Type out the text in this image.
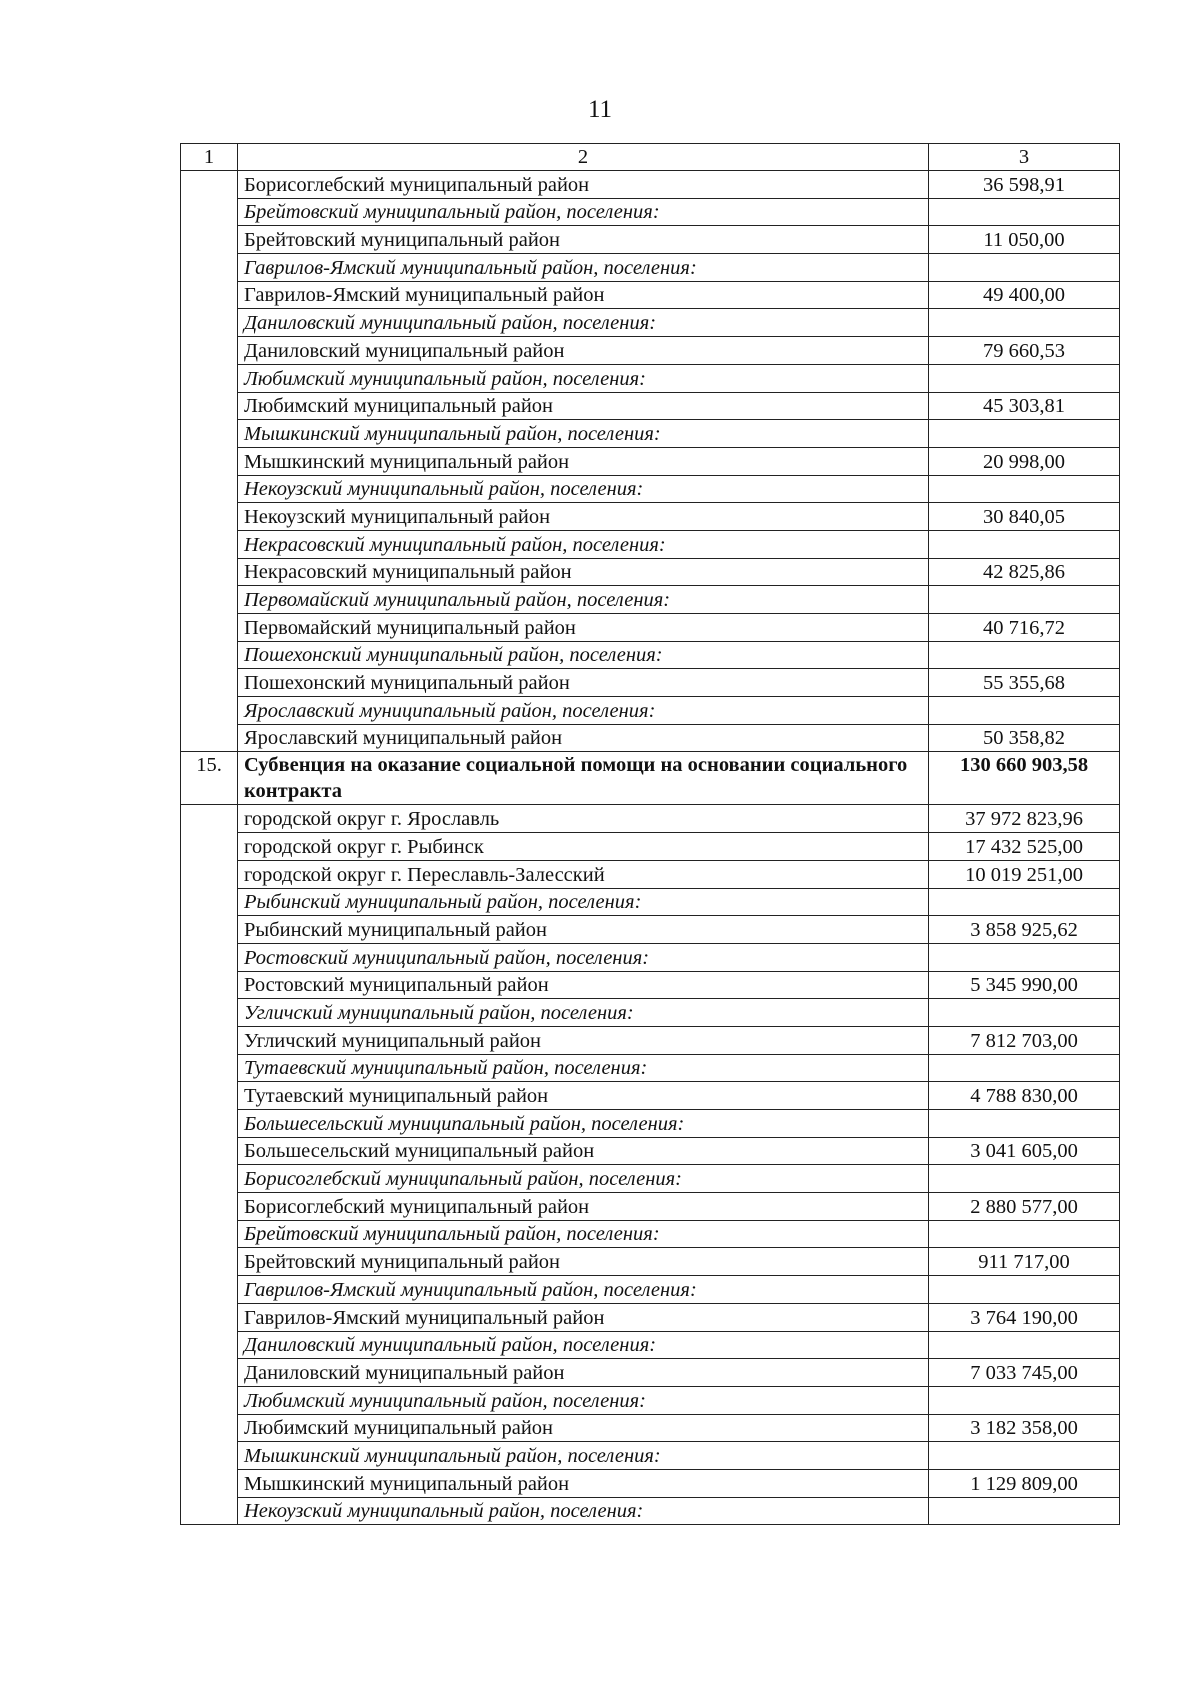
11
1	2	3
	Борисоглебский муниципальный район	36 598,91
	Брейтовский муниципальный район, поселения:	
	Брейтовский муниципальный район	11 050,00
	Гаврилов-Ямский муниципальный район, поселения:	
	Гаврилов-Ямский муниципальный район	49 400,00
	Даниловский муниципальный район, поселения:	
	Даниловский муниципальный район	79 660,53
	Любимский муниципальный район, поселения:	
	Любимский муниципальный район	45 303,81
	Мышкинский муниципальный район, поселения:	
	Мышкинский муниципальный район	20 998,00
	Некоузский муниципальный район, поселения:	
	Некоузский муниципальный район	30 840,05
	Некрасовский муниципальный район, поселения:	
	Некрасовский муниципальный район	42 825,86
	Первомайский муниципальный район, поселения:	
	Первомайский муниципальный район	40 716,72
	Пошехонский муниципальный район, поселения:	
	Пошехонский муниципальный район	55 355,68
	Ярославский муниципальный район, поселения:	
	Ярославский муниципальный район	50 358,82
15.	Субвенция на оказание социальной помощи на основании социального контракта	130 660 903,58
	городской округ г. Ярославль	37 972 823,96
	городской округ г. Рыбинск	17 432 525,00
	городской округ г. Переславль-Залесский	10 019 251,00
	Рыбинский муниципальный район, поселения:	
	Рыбинский муниципальный район	3 858 925,62
	Ростовский муниципальный район, поселения:	
	Ростовский муниципальный район	5 345 990,00
	Угличский муниципальный район, поселения:	
	Угличский муниципальный район	7 812 703,00
	Тутаевский муниципальный район, поселения:	
	Тутаевский муниципальный район	4 788 830,00
	Большесельский муниципальный район, поселения:	
	Большесельский муниципальный район	3 041 605,00
	Борисоглебский муниципальный район, поселения:	
	Борисоглебский муниципальный район	2 880 577,00
	Брейтовский муниципальный район, поселения:	
	Брейтовский муниципальный район	911 717,00
	Гаврилов-Ямский муниципальный район, поселения:	
	Гаврилов-Ямский муниципальный район	3 764 190,00
	Даниловский муниципальный район, поселения:	
	Даниловский муниципальный район	7 033 745,00
	Любимский муниципальный район, поселения:	
	Любимский муниципальный район	3 182 358,00
	Мышкинский муниципальный район, поселения:	
	Мышкинский муниципальный район	1 129 809,00
	Некоузский муниципальный район, поселения:	
